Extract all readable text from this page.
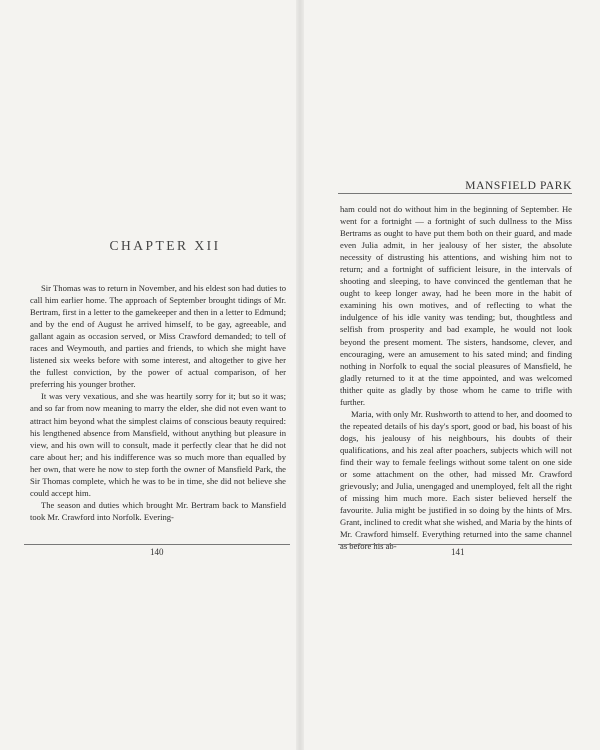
CHAPTER XII

Sir Thomas was to return in November, and his eldest son had duties to call him earlier home. The approach of September brought tidings of Mr. Bertram, first in a letter to the gamekeeper and then in a letter to Edmund; and by the end of August he arrived himself, to be gay, agreeable, and gallant again as occasion served, or Miss Crawford demanded; to tell of races and Weymouth, and parties and friends, to which she might have listened six weeks before with some interest, and altogether to give her the fullest conviction, by the power of actual comparison, of her preferring his younger brother.

It was very vexatious, and she was heartily sorry for it; but so it was; and so far from now meaning to marry the elder, she did not even want to attract him beyond what the simplest claims of conscious beauty required: his lengthened absence from Mansfield, without anything but pleasure in view, and his own will to consult, made it perfectly clear that he did not care about her; and his indifference was so much more than equalled by her own, that were he now to step forth the owner of Mansfield Park, the Sir Thomas complete, which he was to be in time, she did not believe she could accept him.

The season and duties which brought Mr. Bertram back to Mansfield took Mr. Crawford into Norfolk. Evering-

140
MANSFIELD PARK

ham could not do without him in the beginning of September. He went for a fortnight — a fortnight of such dullness to the Miss Bertrams as ought to have put them both on their guard, and made even Julia admit, in her jealousy of her sister, the absolute necessity of distrusting his attentions, and wishing him not to return; and a fortnight of sufficient leisure, in the intervals of shooting and sleeping, to have convinced the gentleman that he ought to keep longer away, had he been more in the habit of examining his own motives, and of reflecting to what the indulgence of his idle vanity was tending; but, thoughtless and selfish from prosperity and bad example, he would not look beyond the present moment. The sisters, handsome, clever, and encouraging, were an amusement to his sated mind; and finding nothing in Norfolk to equal the social pleasures of Mansfield, he gladly returned to it at the time appointed, and was welcomed thither quite as gladly by those whom he came to trifle with further.

Maria, with only Mr. Rushworth to attend to her, and doomed to the repeated details of his day's sport, good or bad, his boast of his dogs, his jealousy of his neighbours, his doubts of their qualifications, and his zeal after poachers, subjects which will not find their way to female feelings without some talent on one side or some attachment on the other, had missed Mr. Crawford grievously; and Julia, unengaged and unemployed, felt all the right of missing him much more. Each sister believed herself the favourite. Julia might be justified in so doing by the hints of Mrs. Grant, inclined to credit what she wished, and Maria by the hints of Mr. Crawford himself. Everything returned into the same channel as before his ab-

141
